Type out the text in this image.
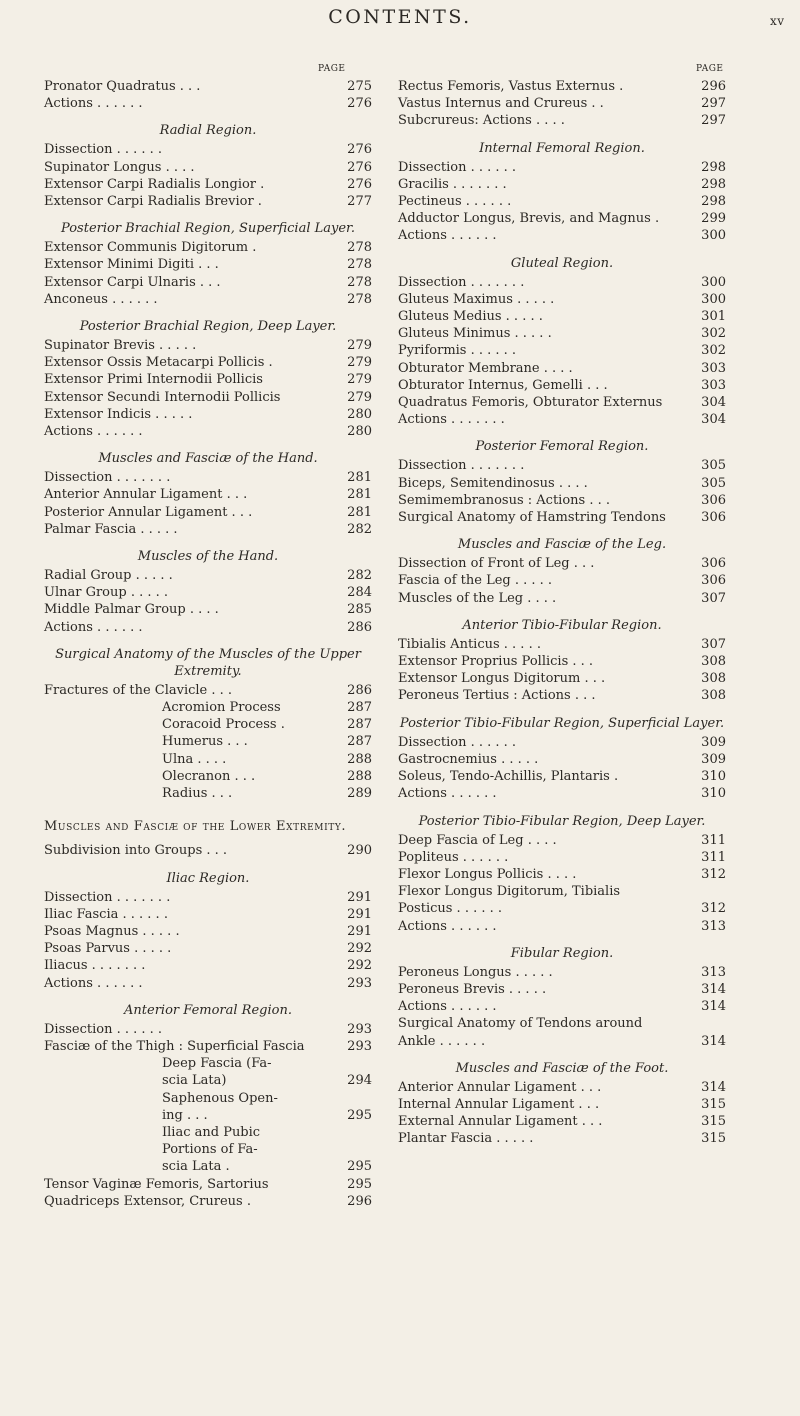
CONTENTS.	xv
PAGE	PAGE
Pronator Quadratus . . .	275
Actions . . . . . .	276
Radial Region.
Dissection . . . . . .	276
Supinator Longus . . . .	276
Extensor Carpi Radialis Longior .	276
Extensor Carpi Radialis Brevior .	277
Posterior Brachial Region, Superficial Layer.
Extensor Communis Digitorum .	278
Extensor Minimi Digiti . . .	278
Extensor Carpi Ulnaris . . .	278
Anconeus . . . . . .	278
Posterior Brachial Region, Deep Layer.
Supinator Brevis . . . . .	279
Extensor Ossis Metacarpi Pollicis .	279
Extensor Primi Internodii Pollicis	279
Extensor Secundi Internodii Pollicis	279
Extensor Indicis . . . . .	280
Actions . . . . . .	280
Muscles and Fasciæ of the Hand.
Dissection . . . . . . .	281
Anterior Annular Ligament . . .	281
Posterior Annular Ligament . . .	281
Palmar Fascia . . . . .	282
Muscles of the Hand.
Radial Group . . . . .	282
Ulnar Group . . . . .	284
Middle Palmar Group . . . .	285
Actions . . . . . .	286
Surgical Anatomy of the Muscles of the Upper Extremity.
Fractures of the Clavicle . . .	286
Acromion Process	287
Coracoid Process .	287
Humerus . . .	287
Ulna . . . .	288
Olecranon . . .	288
Radius . . .	289
Muscles and Fasciæ of the Lower Extremity.
Subdivision into Groups . . .	290
Iliac Region.
Dissection . . . . . . .	291
Iliac Fascia . . . . . .	291
Psoas Magnus . . . . .	291
Psoas Parvus . . . . .	292
Iliacus . . . . . . .	292
Actions . . . . . .	293
Anterior Femoral Region.
Dissection . . . . . .	293
Fasciæ of the Thigh : Superficial Fascia	293
Deep Fascia (Fa-
scia Lata)	294
Saphenous Open-
ing . . .	295
Iliac and Pubic
Portions of Fa-
scia Lata .	295
Tensor Vaginæ Femoris, Sartorius	295
Quadriceps Extensor, Crureus .	296
Rectus Femoris, Vastus Externus .	296
Vastus Internus and Crureus . .	297
Subcrureus: Actions . . . .	297
Internal Femoral Region.
Dissection . . . . . .	298
Gracilis . . . . . . .	298
Pectineus . . . . . .	298
Adductor Longus, Brevis, and Magnus .	299
Actions . . . . . .	300
Gluteal Region.
Dissection . . . . . . .	300
Gluteus Maximus . . . . .	300
Gluteus Medius . . . . .	301
Gluteus Minimus . . . . .	302
Pyriformis . . . . . .	302
Obturator Membrane . . . .	303
Obturator Internus, Gemelli . . .	303
Quadratus Femoris, Obturator Externus	304
Actions . . . . . . .	304
Posterior Femoral Region.
Dissection . . . . . . .	305
Biceps, Semitendinosus . . . .	305
Semimembranosus : Actions . . .	306
Surgical Anatomy of Hamstring Tendons	306
Muscles and Fasciæ of the Leg.
Dissection of Front of Leg . . .	306
Fascia of the Leg . . . . .	306
Muscles of the Leg . . . .	307
Anterior Tibio-Fibular Region.
Tibialis Anticus . . . . .	307
Extensor Proprius Pollicis . . .	308
Extensor Longus Digitorum . . .	308
Peroneus Tertius : Actions . . .	308
Posterior Tibio-Fibular Region, Superficial Layer.
Dissection . . . . . .	309
Gastrocnemius . . . . .	309
Soleus, Tendo-Achillis, Plantaris .	310
Actions . . . . . .	310
Posterior Tibio-Fibular Region, Deep Layer.
Deep Fascia of Leg . . . .	311
Popliteus . . . . . .	311
Flexor Longus Pollicis . . . .	312
Flexor Longus Digitorum, Tibialis
Posticus . . . . . .	312
Actions . . . . . .	313
Fibular Region.
Peroneus Longus . . . . .	313
Peroneus Brevis . . . . .	314
Actions . . . . . .	314
Surgical Anatomy of Tendons around
Ankle . . . . . .	314
Muscles and Fasciæ of the Foot.
Anterior Annular Ligament . . .	314
Internal Annular Ligament . . .	315
External Annular Ligament . . .	315
Plantar Fascia . . . . .	315
